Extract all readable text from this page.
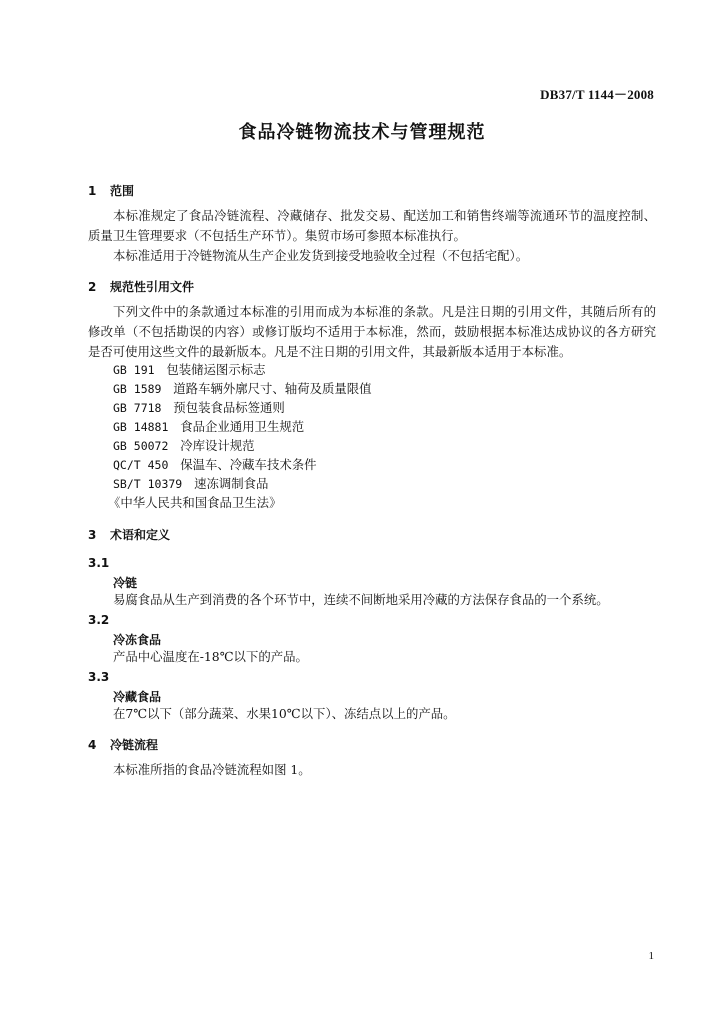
DB37/T 1144－2008
食品冷链物流技术与管理规范
1 范围
本标准规定了食品冷链流程、冷藏储存、批发交易、配送加工和销售终端等流通环节的温度控制、质量卫生管理要求（不包括生产环节）。集贸市场可参照本标准执行。
本标准适用于冷链物流从生产企业发货到接受地验收全过程（不包括宅配）。
2 规范性引用文件
下列文件中的条款通过本标准的引用而成为本标准的条款。凡是注日期的引用文件，其随后所有的修改单（不包括勘误的内容）或修订版均不适用于本标准，然而，鼓励根据本标准达成协议的各方研究是否可使用这些文件的最新版本。凡是不注日期的引用文件，其最新版本适用于本标准。
GB 191 包装储运图示标志
GB 1589 道路车辆外廓尺寸、轴荷及质量限值
GB 7718 预包装食品标签通则
GB 14881 食品企业通用卫生规范
GB 50072 冷库设计规范
QC/T 450 保温车、冷藏车技术条件
SB/T 10379 速冻调制食品
《中华人民共和国食品卫生法》
3 术语和定义
3.1
冷链
易腐食品从生产到消费的各个环节中，连续不间断地采用冷藏的方法保存食品的一个系统。
3.2
冷冻食品
产品中心温度在-18℃以下的产品。
3.3
冷藏食品
在7℃以下（部分蔬菜、水果10℃以下）、冻结点以上的产品。
4 冷链流程
本标准所指的食品冷链流程如图 1。
1
